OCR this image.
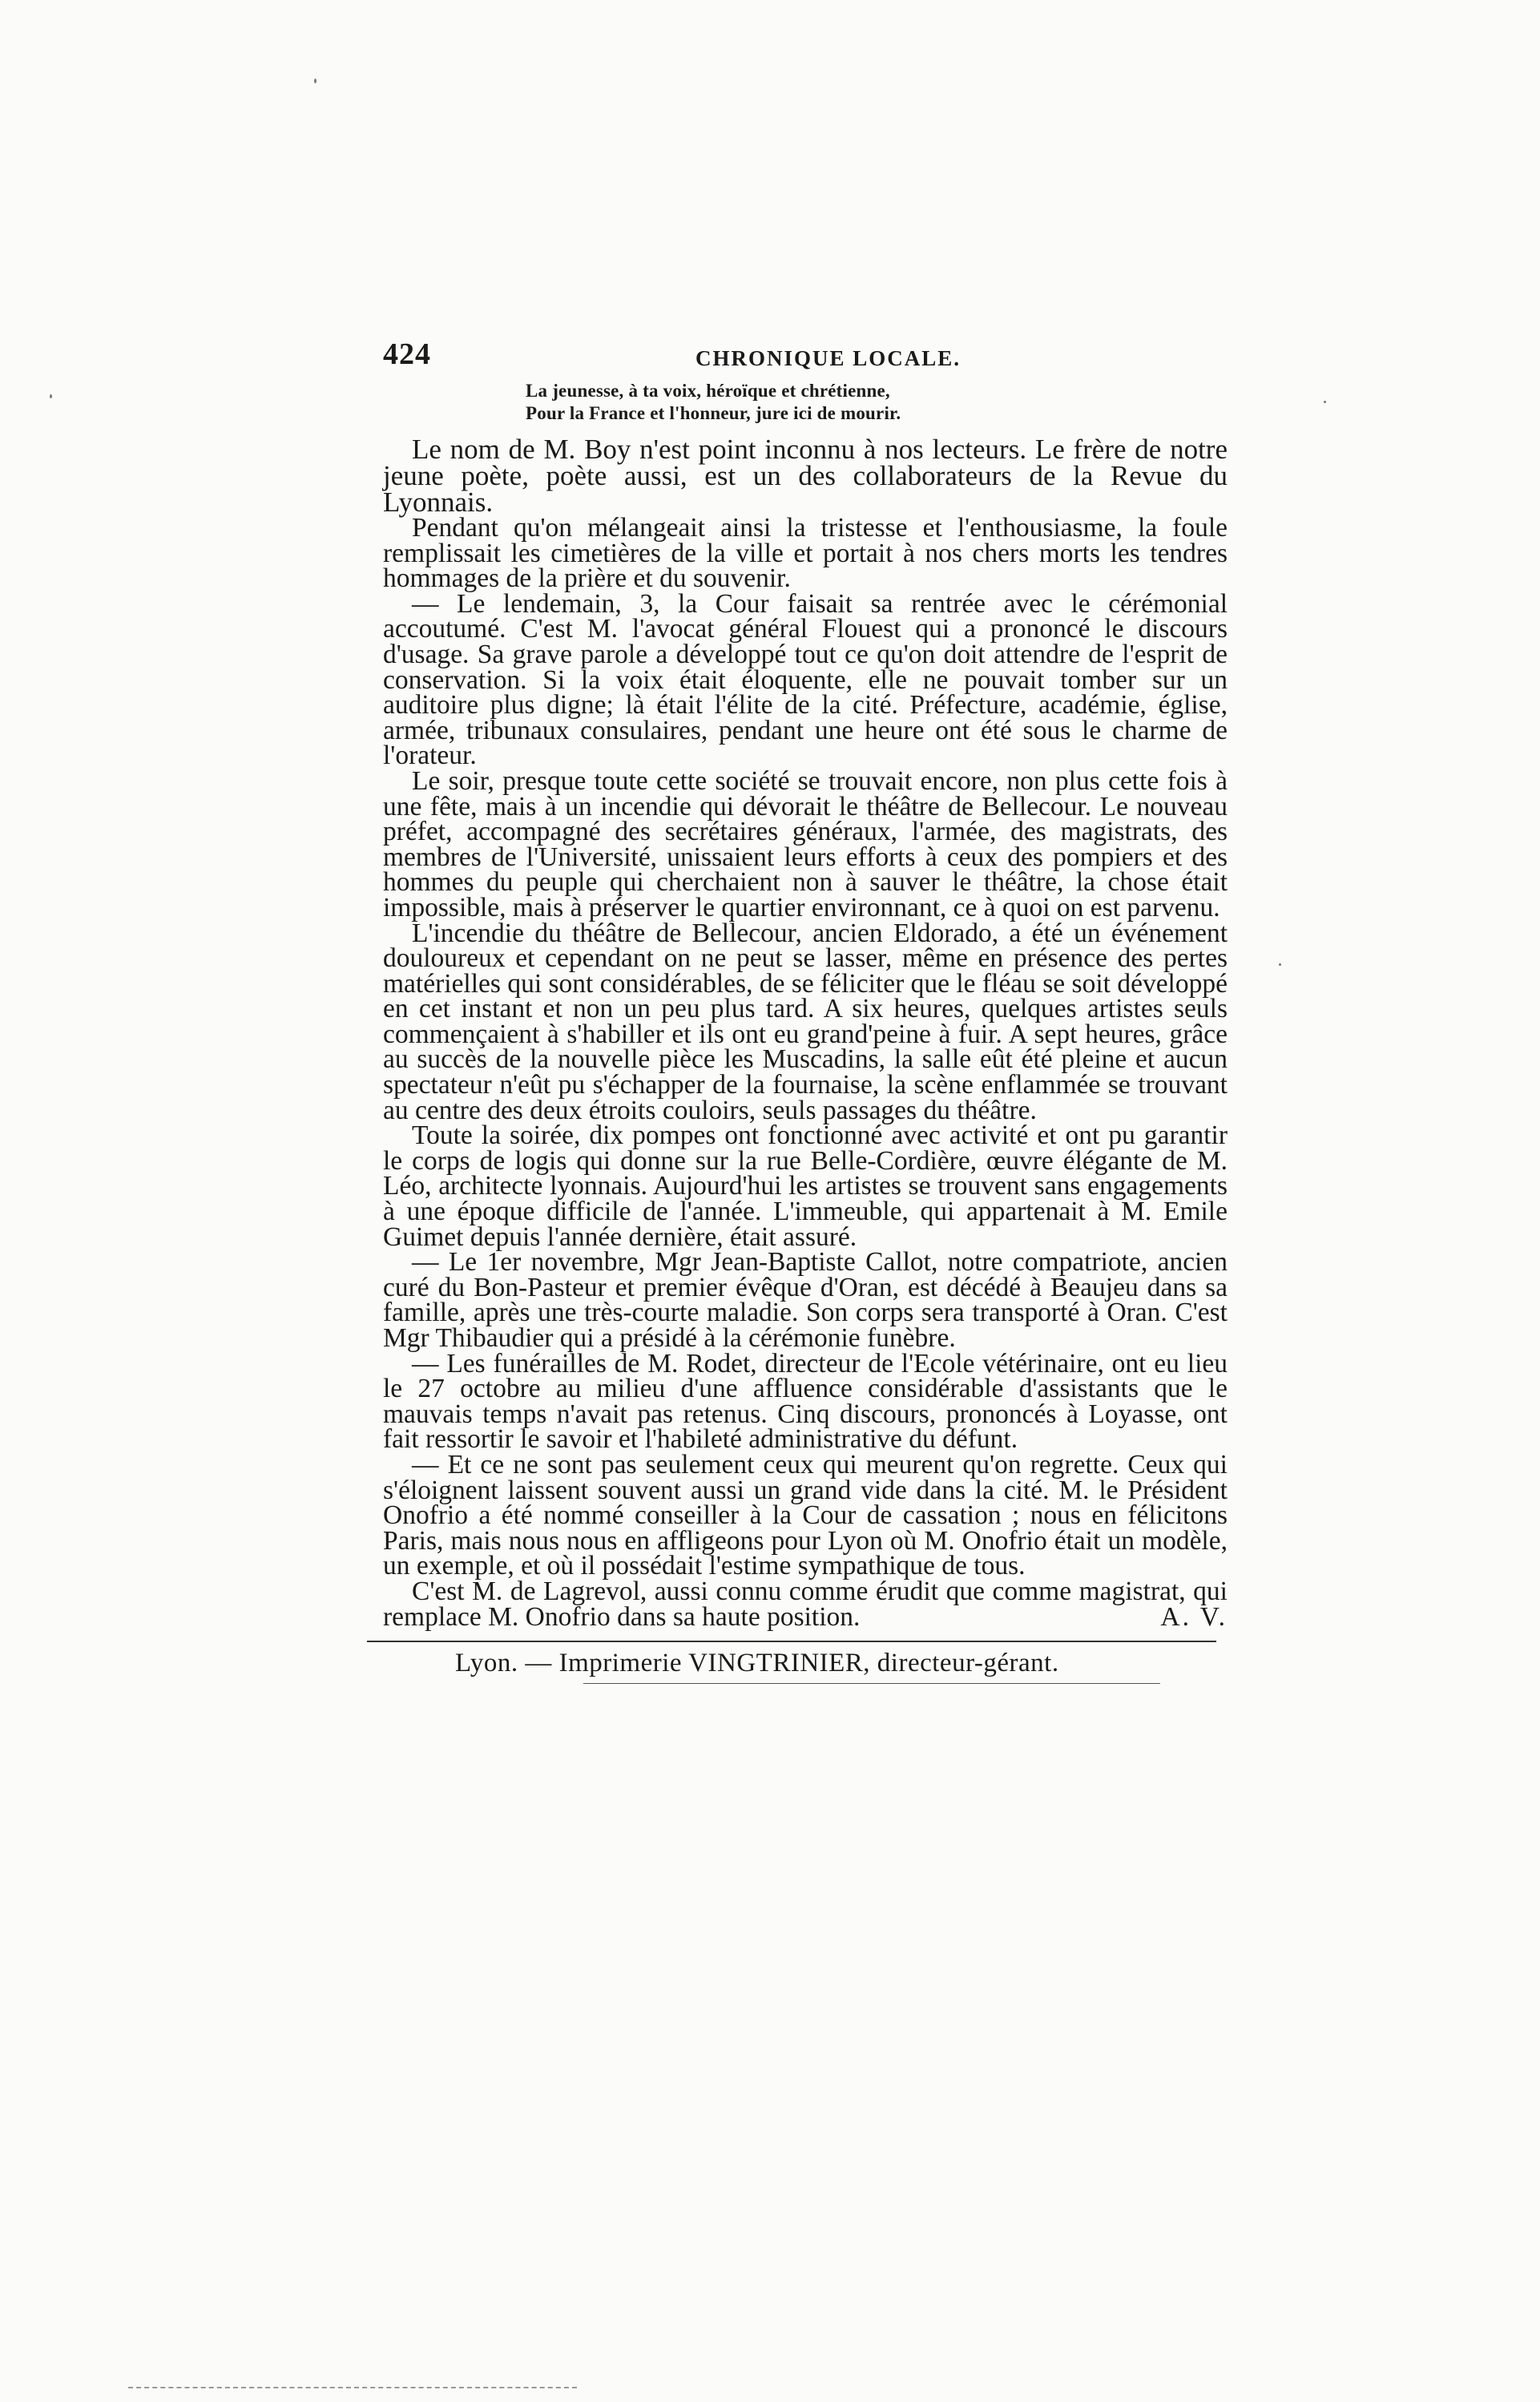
424	CHRONIQUE LOCALE.
La jeunesse, à ta voix, héroïque et chrétienne,
Pour la France et l'honneur, jure ici de mourir.

Le nom de M. Boy n'est point inconnu à nos lecteurs. Le frère de notre jeune poète, poète aussi, est un des collaborateurs de la Revue du Lyonnais.

Pendant qu'on mélangeait ainsi la tristesse et l'enthousiasme, la foule remplissait les cimetières de la ville et portait à nos chers morts les tendres hommages de la prière et du souvenir.

— Le lendemain, 3, la Cour faisait sa rentrée avec le cérémonial accoutumé. C'est M. l'avocat général Flouest qui a prononcé le discours d'usage. Sa grave parole a développé tout ce qu'on doit attendre de l'esprit de conservation. Si la voix était éloquente, elle ne pouvait tomber sur un auditoire plus digne; là était l'élite de la cité. Préfecture, académie, église, armée, tribunaux consulaires, pendant une heure ont été sous le charme de l'orateur.

Le soir, presque toute cette société se trouvait encore, non plus cette fois à une fête, mais à un incendie qui dévorait le théâtre de Bellecour. Le nouveau préfet, accompagné des secrétaires généraux, l'armée, des magistrats, des membres de l'Université, unissaient leurs efforts à ceux des pompiers et des hommes du peuple qui cherchaient non à sauver le théâtre, la chose était impossible, mais à préserver le quartier environnant, ce à quoi on est parvenu.

L'incendie du théâtre de Bellecour, ancien Eldorado, a été un événement douloureux et cependant on ne peut se lasser, même en présence des pertes matérielles qui sont considérables, de se féliciter que le fléau se soit développé en cet instant et non un peu plus tard. A six heures, quelques artistes seuls commençaient à s'habiller et ils ont eu grand'peine à fuir. A sept heures, grâce au succès de la nouvelle pièce les Muscadins, la salle eût été pleine et aucun spectateur n'eût pu s'échapper de la fournaise, la scène enflammée se trouvant au centre des deux étroits couloirs, seuls passages du théâtre.

Toute la soirée, dix pompes ont fonctionné avec activité et ont pu garantir le corps de logis qui donne sur la rue Belle-Cordière, œuvre élégante de M. Léo, architecte lyonnais. Aujourd'hui les artistes se trouvent sans engagements à une époque difficile de l'année. L'immeuble, qui appartenait à M. Emile Guimet depuis l'année dernière, était assuré.

— Le 1er novembre, Mgr Jean-Baptiste Callot, notre compatriote, ancien curé du Bon-Pasteur et premier évêque d'Oran, est décédé à Beaujeu dans sa famille, après une très-courte maladie. Son corps sera transporté à Oran. C'est Mgr Thibaudier qui a présidé à la cérémonie funèbre.

— Les funérailles de M. Rodet, directeur de l'Ecole vétérinaire, ont eu lieu le 27 octobre au milieu d'une affluence considérable d'assistants que le mauvais temps n'avait pas retenus. Cinq discours, prononcés à Loyasse, ont fait ressortir le savoir et l'habileté administrative du défunt.

— Et ce ne sont pas seulement ceux qui meurent qu'on regrette. Ceux qui s'éloignent laissent souvent aussi un grand vide dans la cité. M. le Président Onofrio a été nommé conseiller à la Cour de cassation ; nous en félicitons Paris, mais nous nous en affligeons pour Lyon où M. Onofrio était un modèle, un exemple, et où il possédait l'estime sympathique de tous.

C'est M. de Lagrevol, aussi connu comme érudit que comme magistrat, qui remplace M. Onofrio dans sa haute position.	A. V.

Lyon. — Imprimerie VINGTRINIER, directeur-gérant.
